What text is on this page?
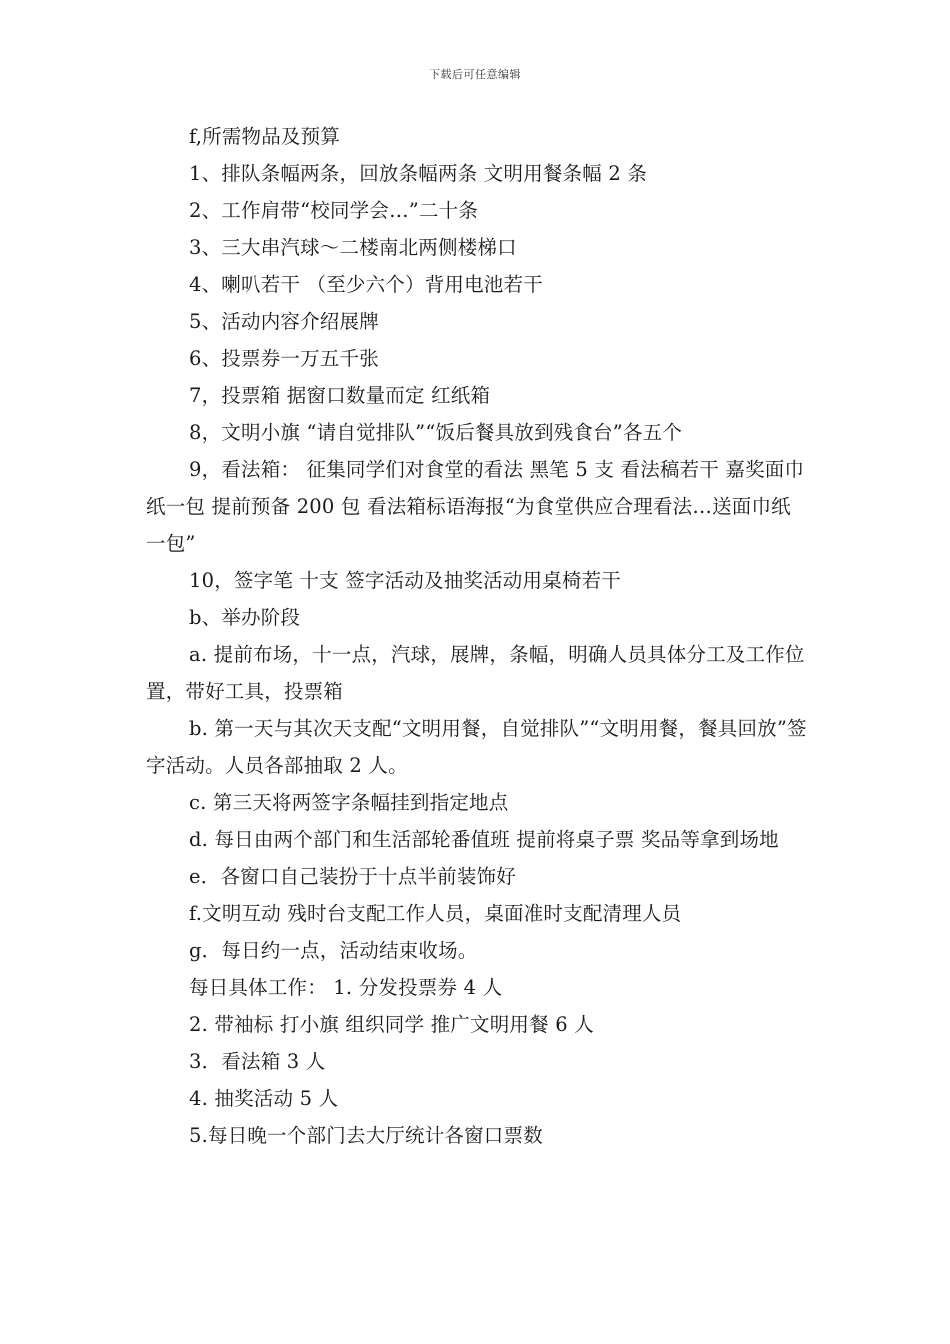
下载后可任意编辑

f,所需物品及预算

1、排队条幅两条，回放条幅两条 文明用餐条幅 2 条

2、工作肩带“校同学会…”二十条

3、三大串汽球～二楼南北两侧楼梯口

4、喇叭若干 （至少六个）背用电池若干

5、活动内容介绍展牌

6、投票券一万五千张

7，投票箱 据窗口数量而定 红纸箱

8，文明小旗 “请自觉排队”“饭后餐具放到残食台”各五个

9，看法箱： 征集同学们对食堂的看法 黑笔 5 支 看法稿若干 嘉奖面巾纸一包 提前预备 200 包 看法箱标语海报“为食堂供应合理看法…送面巾纸一包”

10，签字笔 十支 签字活动及抽奖活动用桌椅若干

b、举办阶段

a. 提前布场，十一点，汽球，展牌，条幅，明确人员具体分工及工作位置，带好工具，投票箱

b. 第一天与其次天支配“文明用餐，自觉排队”“文明用餐，餐具回放”签字活动。人员各部抽取 2 人。

c. 第三天将两签字条幅挂到指定地点

d. 每日由两个部门和生活部轮番值班 提前将桌子票 奖品等拿到场地

e．各窗口自己装扮于十点半前装饰好

f.文明互动 残时台支配工作人员，桌面准时支配清理人员

g．每日约一点，活动结束收场。

每日具体工作： 1. 分发投票券 4 人

2. 带袖标 打小旗 组织同学 推广文明用餐 6 人

3．看法箱 3 人

4. 抽奖活动 5 人

5.每日晚一个部门去大厅统计各窗口票数
